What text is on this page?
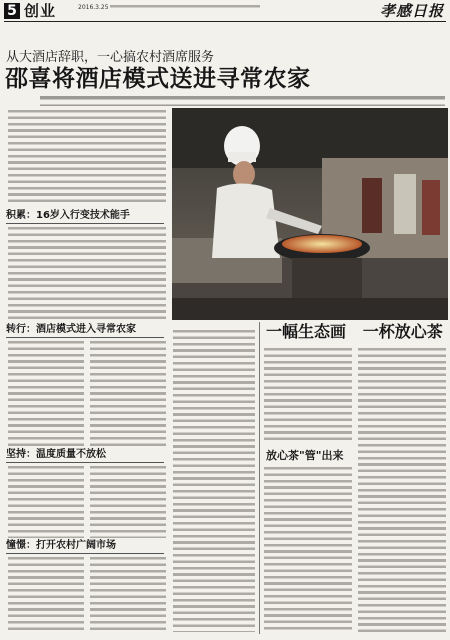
5 创业	2016.3.25	孝感日报
从大酒店辞职，一心搞农村酒席服务
邵喜将酒店模式送进寻常农家
积累：16岁入行变技术能手
转行：酒店模式进入寻常农家
坚持：温度质量不放松
憧憬：打开农村广阔市场
一幅生态画   一杯放心茶
放心茶"管"出来
